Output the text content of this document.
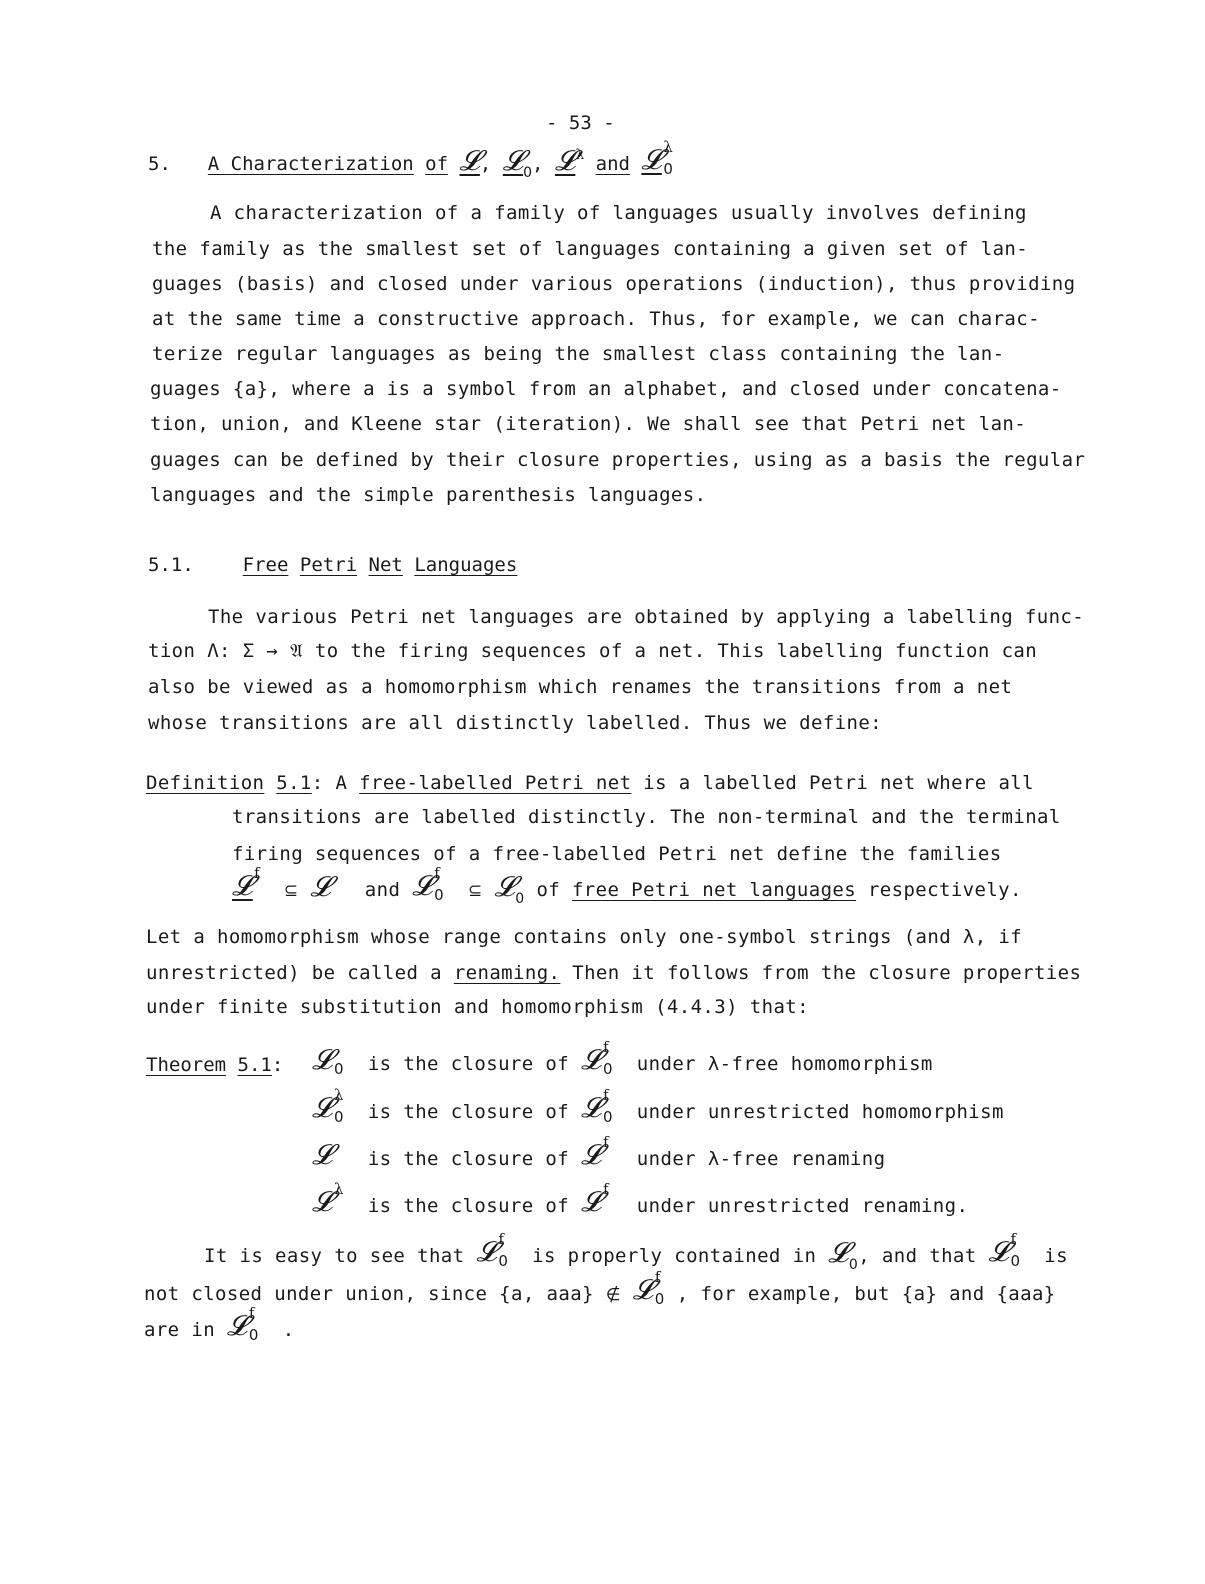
- 53 -
5. A Characterization of 𝓛, 𝓛$_0$, 𝓛$^\lambda$ and 𝓛 λ
0
A characterization of a family of languages usually involves defining
the family as the smallest set of languages containing a given set of lan-
guages (basis) and closed under various operations (induction), thus providing
at the same time a constructive approach. Thus, for example, we can charac-
terize regular languages as being the smallest class containing the lan-
guages {a}, where a is a symbol from an alphabet, and closed under concatena-
tion, union, and Kleene star (iteration). We shall see that Petri net lan-
guages can be defined by their closure properties, using as a basis the regular
languages and the simple parenthesis languages.
5.1.	Free Petri Net Languages
The various Petri net languages are obtained by applying a labelling func-
tion Λ: Σ → 𝔄 to the firing sequences of a net. This labelling function can
also be viewed as a homomorphism which renames the transitions from a net
whose transitions are all distinctly labelled. Thus we define:
Definition 5.1: A free-labelled Petri net is a labelled Petri net where all
transitions are labelled distinctly. The non-terminal and the terminal
firing sequences of a free-labelled Petri net define the families
𝓛 f
⊆ 𝓛 and 𝓛 f
0 ⊆ 𝓛$_0$ of free Petri net languages respectively.
Let a homomorphism whose range contains only one-symbol strings (and λ, if
unrestricted) be called a renaming. Then it follows from the closure properties
under finite substitution and homomorphism (4.4.3) that:
Theorem 5.1: 𝓛 0 is the closure of 𝓛 f
0 under λ-free homomorphism
𝓛 λ
0 is the closure of 𝓛 f
0 under unrestricted homomorphism
𝓛 is the closure of 𝓛 f
under λ-free renaming
𝓛 λ
is the closure of 𝓛 f
under unrestricted renaming.
It is easy to see that 𝓛 f
0 is properly contained in 𝓛$_0$, and that 𝓛 f
0 is
not closed under union, since {a, aaa} ∉ 𝓛 f
0 , for example, but {a} and {aaa}
are in 𝓛 f
0 .
